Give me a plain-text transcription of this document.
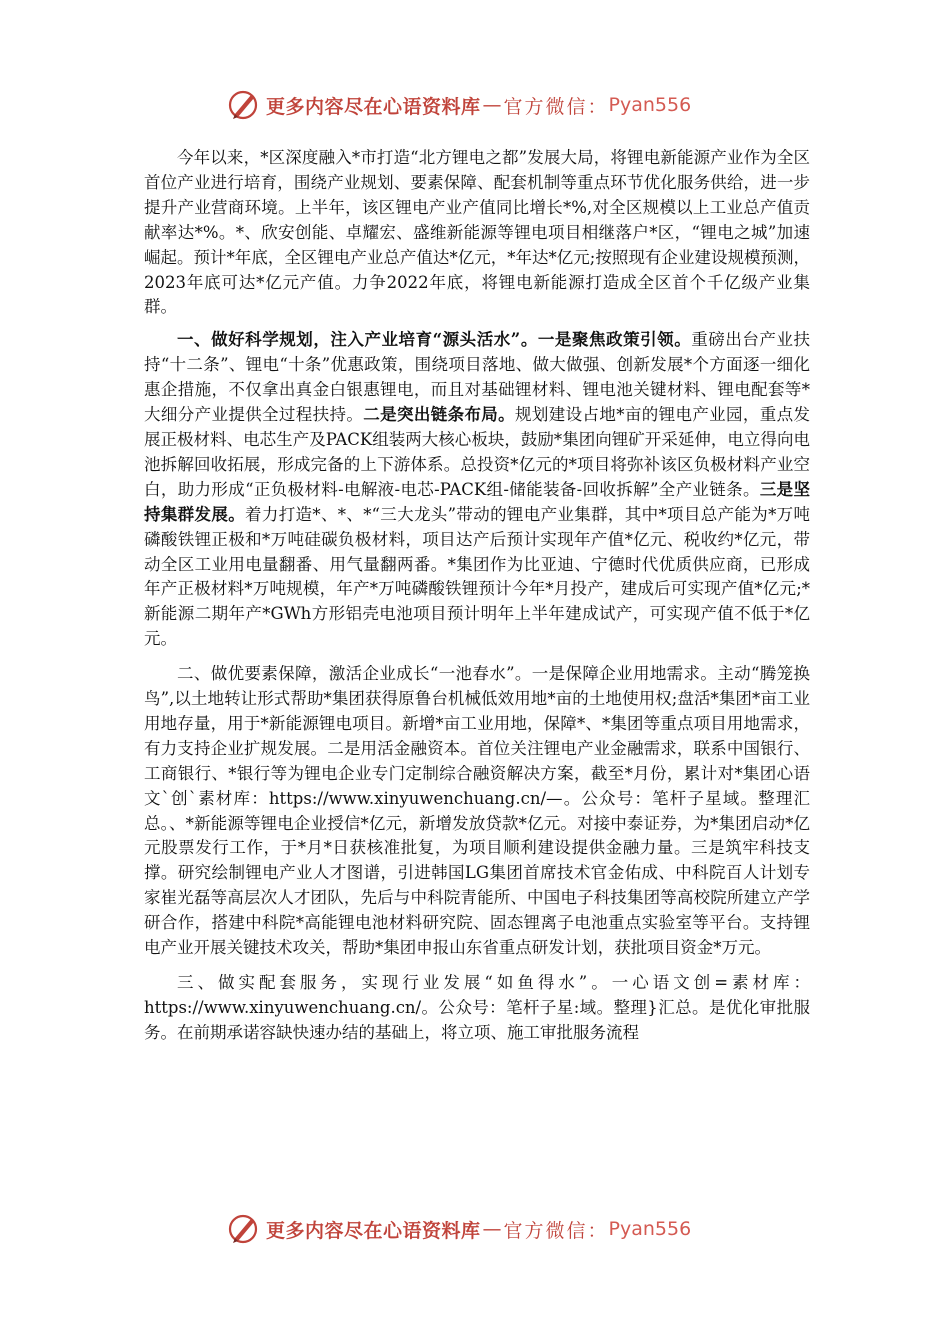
更多内容尽在心语资料库 — 官方微信： Pyan556

今年以来，*区深度融入*市打造“北方锂电之都”发展大局，将锂电新能源产业作为全区首位产业进行培育，围绕产业规划、要素保障、配套机制等重点环节优化服务供给，进一步提升产业营商环境。上半年，该区锂电产业产值同比增长*%,对全区规模以上工业总产值贡献率达*%。*、欣安创能、卓耀宏、盛维新能源等锂电项目相继落户*区，“锂电之城”加速崛起。预计*年底，全区锂电产业总产值达*亿元，*年达*亿元;按照现有企业建设规模预测，2023年底可达*亿元产值。力争2022年底，将锂电新能源打造成全区首个千亿级产业集群。

一、做好科学规划，注入产业培育“源头活水”。一是聚焦政策引领。重磅出台产业扶持“十二条”、锂电“十条”优惠政策，围绕项目落地、做大做强、创新发展*个方面逐一细化惠企措施，不仅拿出真金白银惠锂电，而且对基础锂材料、锂电池关键材料、锂电配套等*大细分产业提供全过程扶持。二是突出链条布局。规划建设占地*亩的锂电产业园，重点发展正极材料、电芯生产及PACK组装两大核心板块，鼓励*集团向锂矿开采延伸，电立得向电池拆解回收拓展，形成完备的上下游体系。总投资*亿元的*项目将弥补该区负极材料产业空白，助力形成“正负极材料-电解液-电芯-PACK组-储能装备-回收拆解”全产业链条。三是坚持集群发展。着力打造*、*、*“三大龙头”带动的锂电产业集群，其中*项目总产能为*万吨磷酸铁锂正极和*万吨硅碳负极材料，项目达产后预计实现年产值*亿元、税收约*亿元，带动全区工业用电量翻番、用气量翻两番。*集团作为比亚迪、宁德时代优质供应商，已形成年产正极材料*万吨规模，年产*万吨磷酸铁锂预计今年*月投产，建成后可实现产值*亿元;*新能源二期年产*GWh方形铝壳电池项目预计明年上半年建成试产，可实现产值不低于*亿元。

二、做优要素保障，激活企业成长“一池春水”。一是保障企业用地需求。主动“腾笼换鸟”,以土地转让形式帮助*集团获得原鲁台机械低效用地*亩的土地使用权;盘活*集团*亩工业用地存量，用于*新能源锂电项目。新增*亩工业用地，保障*、*集团等重点项目用地需求，有力支持企业扩规发展。二是用活金融资本。首位关注锂电产业金融需求，联系中国银行、工商银行、*银行等为锂电企业专门定制综合融资解决方案，截至*月份，累计对*集团心语文`创`素材库：https://www.xinyuwenchuang.cn/—。公众号：笔杆子星域。整理汇总。、*新能源等锂电企业授信*亿元，新增发放贷款*亿元。对接中泰证券，为*集团启动*亿元股票发行工作，于*月*日获核准批复，为项目顺利建设提供金融力量。三是筑牢科技支撑。研究绘制锂电产业人才图谱，引进韩国LG集团首席技术官金佑成、中科院百人计划专家崔光磊等高层次人才团队，先后与中科院青能所、中国电子科技集团等高校院所建立产学研合作，搭建中科院*高能锂电池材料研究院、固态锂离子电池重点实验室等平台。支持锂电产业开展关键技术攻关，帮助*集团申报山东省重点研发计划，获批项目资金*万元。

三、做实配套服务，实现行业发展“如鱼得水”。一心语文创=素材库：https://www.xinyuwenchuang.cn/。公众号：笔杆子星:域。整理}汇总。是优化审批服务。在前期承诺容缺快速办结的基础上，将立项、施工审批服务流程

更多内容尽在心语资料库 — 官方微信： Pyan556
